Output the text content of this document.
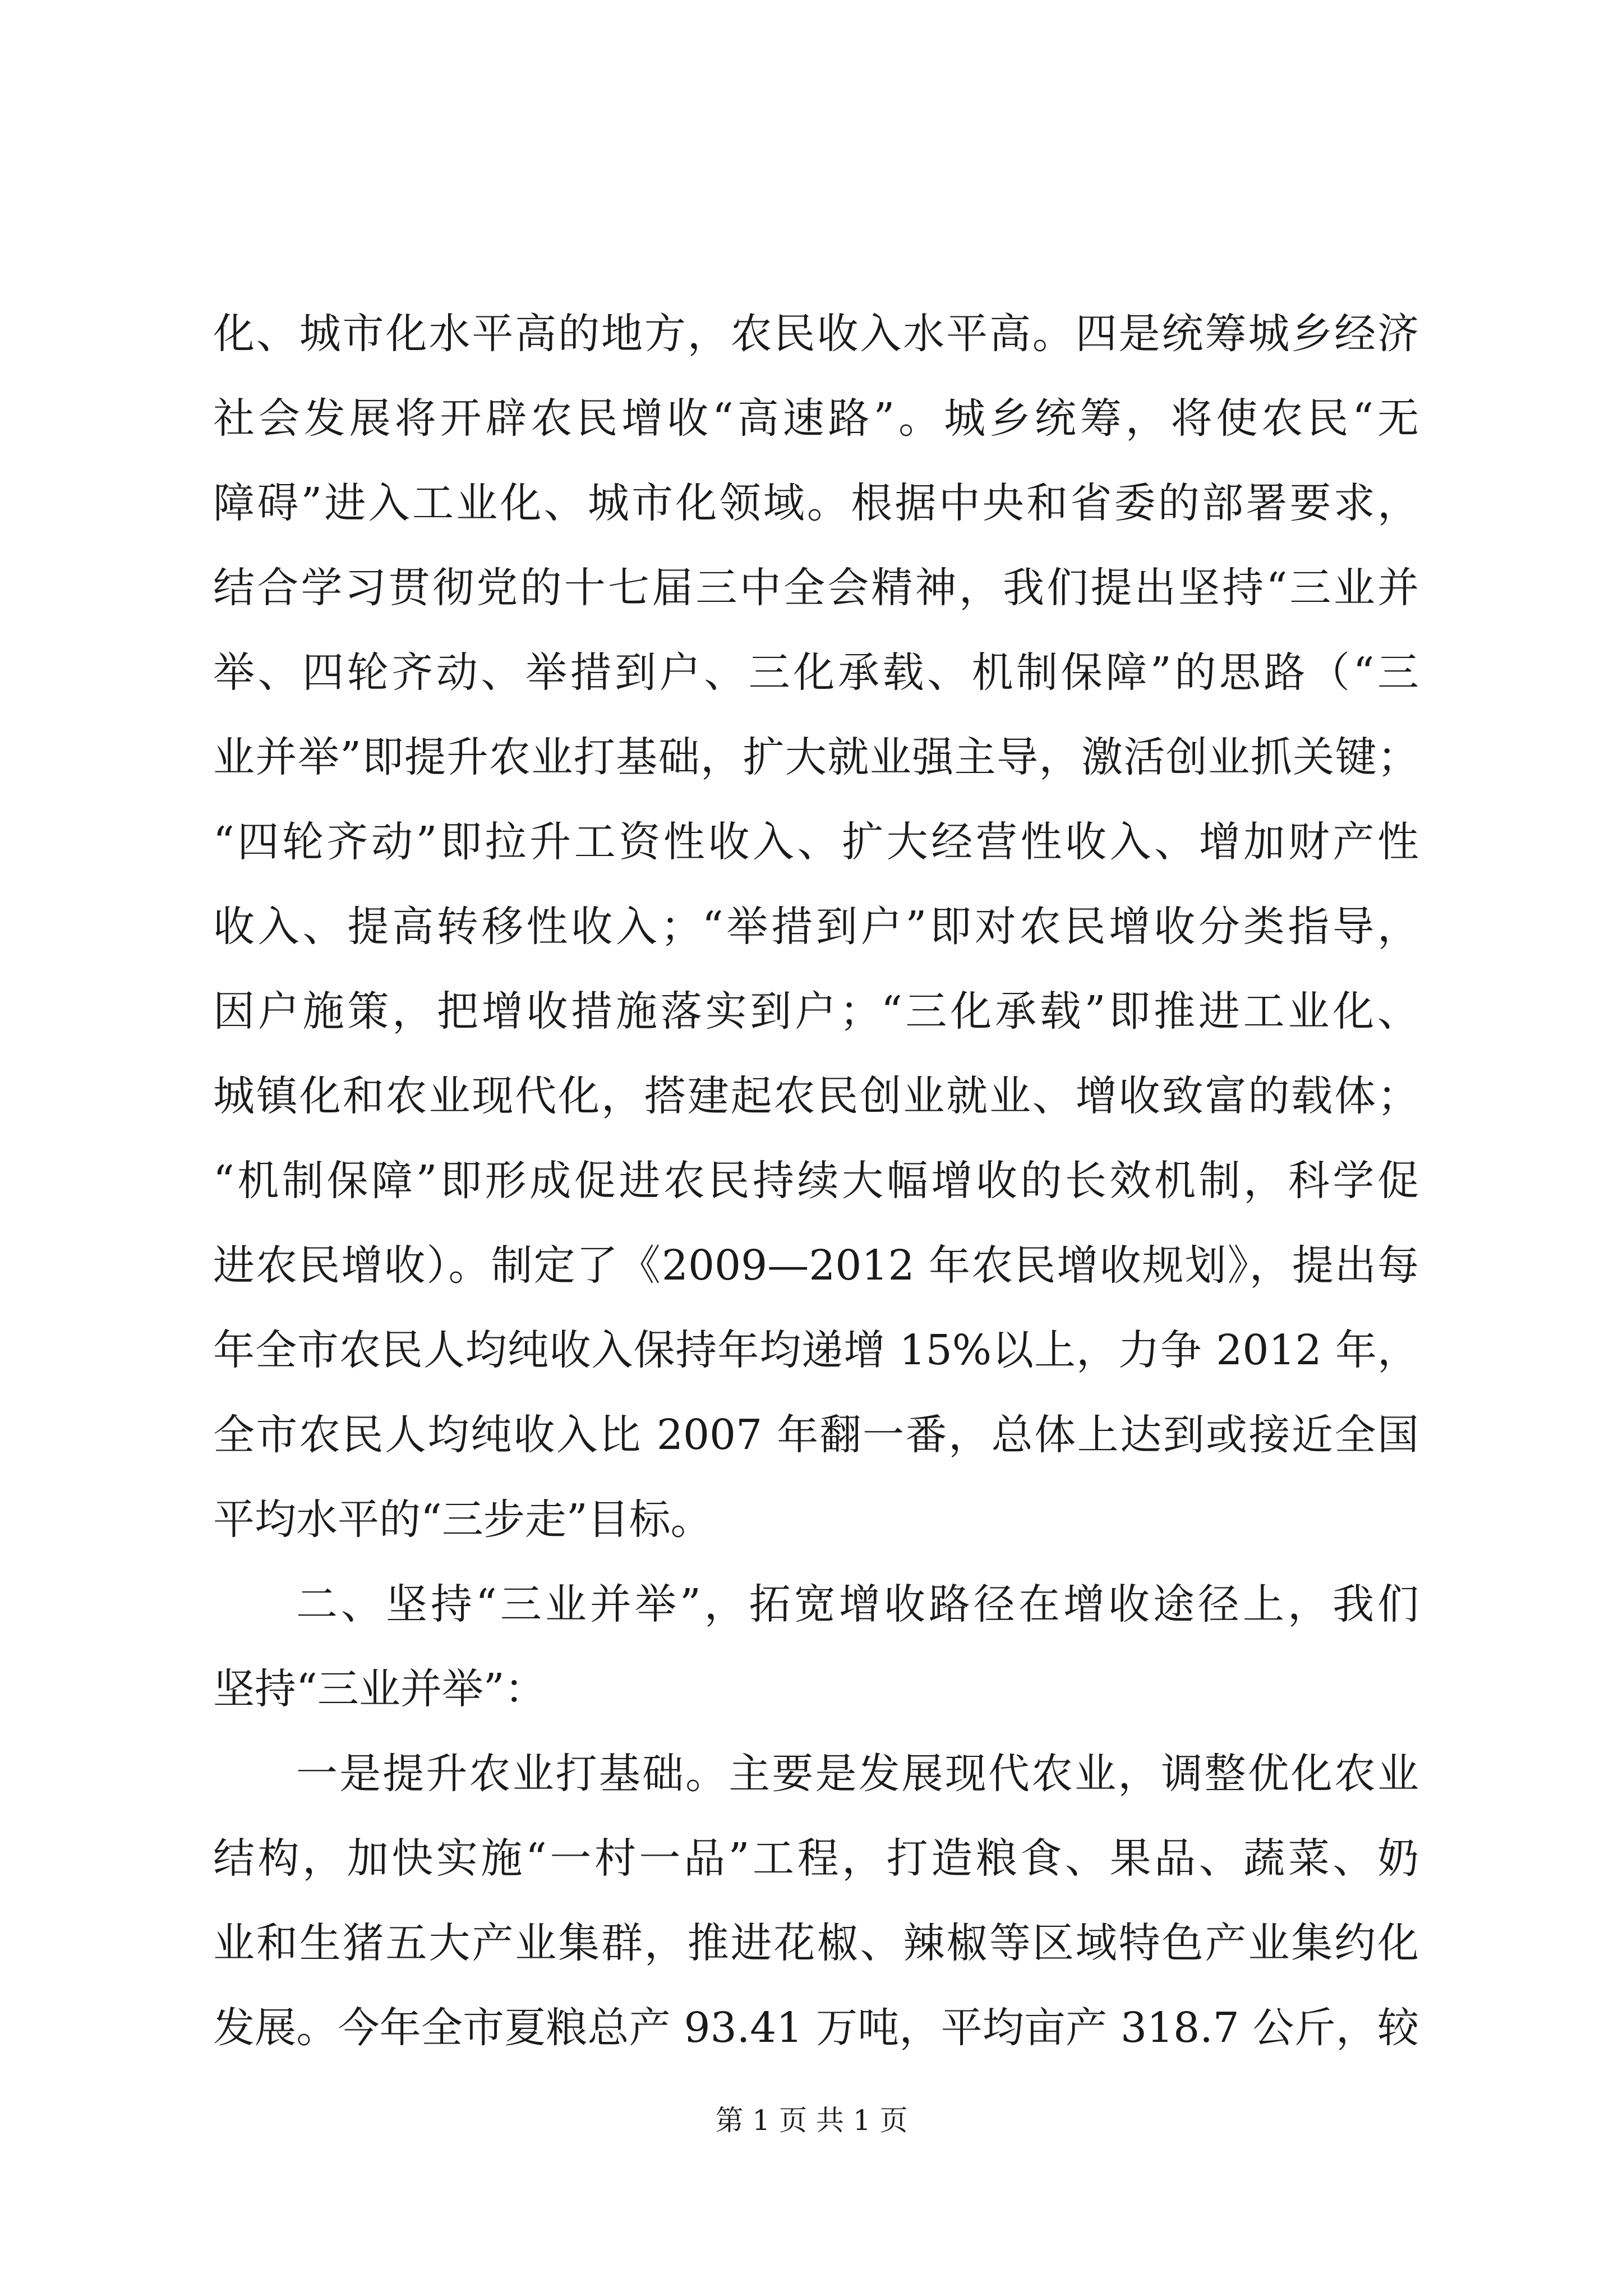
化、城市化水平高的地方，农民收入水平高。四是统筹城乡经济
社会发展将开辟农民增收“高速路”。城乡统筹，将使农民“无
障碍”进入工业化、城市化领域。根据中央和省委的部署要求，
结合学习贯彻党的十七届三中全会精神，我们提出坚持“三业并
举、四轮齐动、举措到户、三化承载、机制保障”的思路（“三
业并举”即提升农业打基础，扩大就业强主导，激活创业抓关键；
“四轮齐动”即拉升工资性收入、扩大经营性收入、增加财产性
收入、提高转移性收入；“举措到户”即对农民增收分类指导，
因户施策，把增收措施落实到户；“三化承载”即推进工业化、
城镇化和农业现代化，搭建起农民创业就业、增收致富的载体；
“机制保障”即形成促进农民持续大幅增收的长效机制，科学促
进农民增收）。制定了《2009—2012 年农民增收规划》，提出每
年全市农民人均纯收入保持年均递增 15%以上，力争 2012 年，
全市农民人均纯收入比 2007 年翻一番，总体上达到或接近全国
平均水平的“三步走”目标。
二、坚持“三业并举”，拓宽增收路径在增收途径上，我们
坚持“三业并举”：
一是提升农业打基础。主要是发展现代农业，调整优化农业
结构，加快实施“一村一品”工程，打造粮食、果品、蔬菜、奶
业和生猪五大产业集群，推进花椒、辣椒等区域特色产业集约化
发展。今年全市夏粮总产 93.41 万吨，平均亩产 318.7 公斤，较
第 1 页 共 1 页
